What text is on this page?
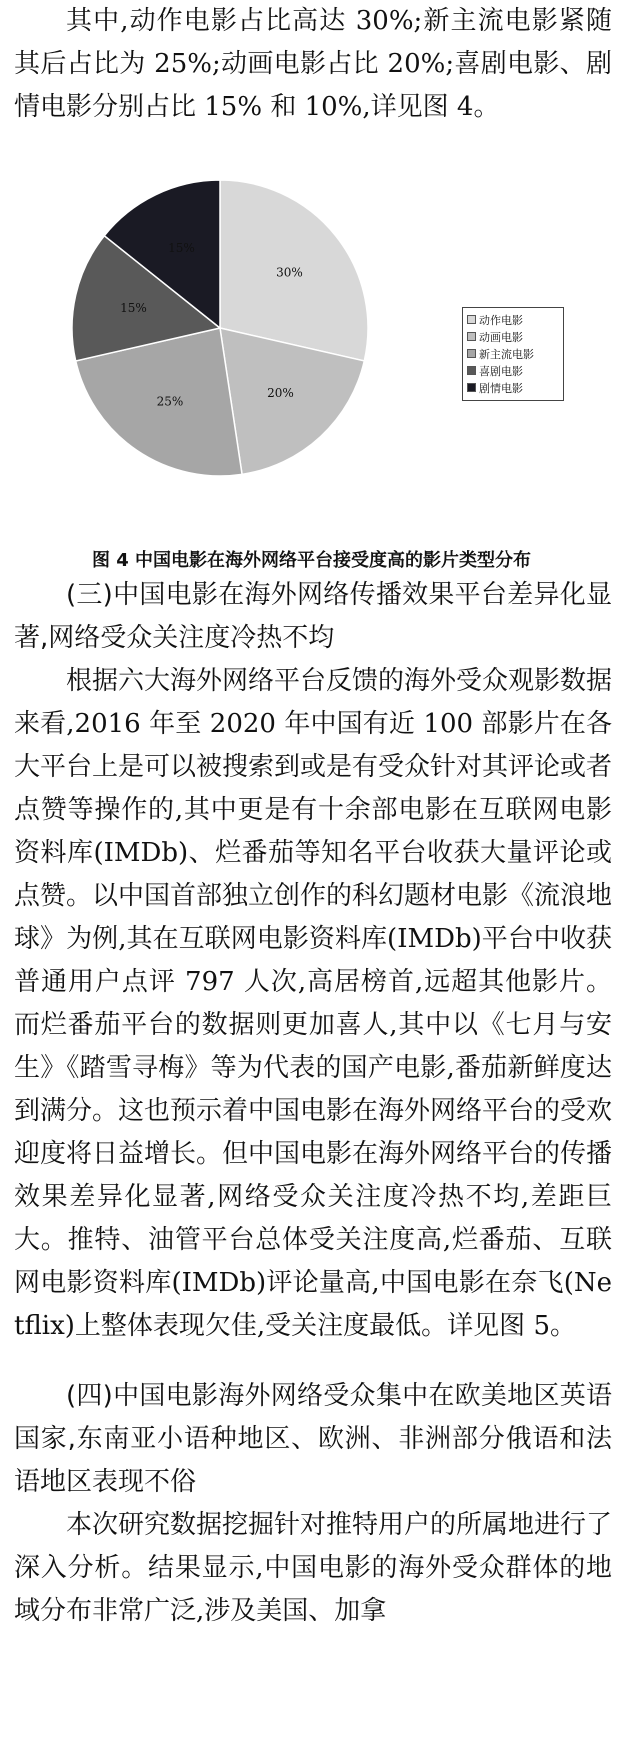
其中,动作电影占比高达 30%;新主流电影紧随其后占比为 25%;动画电影占比 20%;喜剧电影、剧情电影分别占比 15% 和 10%,详见图 4。

30%
20%
25%
15%
15%
动作电影
动画电影
新主流电影
喜剧电影
剧情电影
图 4 中国电影在海外网络平台接受度高的影片类型分布

(三)中国电影在海外网络传播效果平台差异化显著,网络受众关注度冷热不均

根据六大海外网络平台反馈的海外受众观影数据来看,2016 年至 2020 年中国有近 100 部影片在各大平台上是可以被搜索到或是有受众针对其评论或者点赞等操作的,其中更是有十余部电影在互联网电影资料库(IMDb)、烂番茄等知名平台收获大量评论或点赞。以中国首部独立创作的科幻题材电影《流浪地球》为例,其在互联网电影资料库(IMDb)平台中收获普通用户点评 797 人次,高居榜首,远超其他影片。而烂番茄平台的数据则更加喜人,其中以《七月与安生》《踏雪寻梅》等为代表的国产电影,番茄新鲜度达到满分。这也预示着中国电影在海外网络平台的受欢迎度将日益增长。但中国电影在海外网络平台的传播效果差异化显著,网络受众关注度冷热不均,差距巨大。推特、油管平台总体受关注度高,烂番茄、互联网电影资料库(IMDb)评论量高,中国电影在奈飞(Netflix)上整体表现欠佳,受关注度最低。详见图 5。

(四)中国电影海外网络受众集中在欧美地区英语国家,东南亚小语种地区、欧洲、非洲部分俄语和法语地区表现不俗

本次研究数据挖掘针对推特用户的所属地进行了深入分析。结果显示,中国电影的海外受众群体的地域分布非常广泛,涉及美国、加拿

现代传播
